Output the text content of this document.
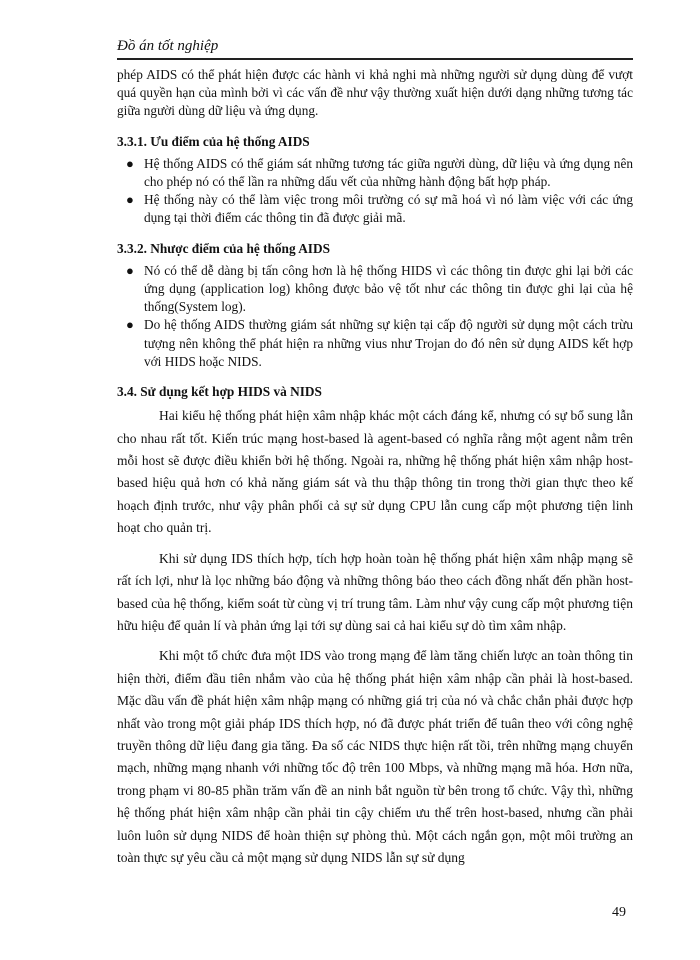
Đồ án tốt nghiệp

phép AIDS có thể phát hiện được các hành vi khả nghi mà những người sử dụng dùng để vượt quá quyền hạn của mình bởi vì các vấn đề như vậy thường xuất hiện dưới dạng những tương tác giữa người dùng dữ liệu và ứng dụng.

3.3.1. Ưu điểm của hệ thống AIDS
● Hệ thống AIDS có thể giám sát những tương tác giữa người dùng, dữ liệu và ứng dụng nên cho phép nó có thể lần ra những dấu vết của những hành động bất hợp pháp.
● Hệ thống này có thể làm việc trong môi trường có sự mã hoá vì nó làm việc với các ứng dụng tại thời điểm các thông tin đã được giải mã.
3.3.2. Nhược điểm của hệ thống AIDS
● Nó có thể dễ dàng bị tấn công hơn là hệ thống HIDS vì các thông tin được ghi lại bởi các ứng dụng (application log) không được bảo vệ tốt như các thông tin được ghi lại của hệ thống(System log).
● Do hệ thống AIDS thường giám sát những sự kiện tại cấp độ người sử dụng một cách trừu tượng nên không thể phát hiện ra những vius như Trojan do đó nên sử dụng AIDS kết hợp với HIDS hoặc NIDS.
3.4. Sử dụng kết hợp HIDS và NIDS

Hai kiểu hệ thống phát hiện xâm nhập khác một cách đáng kể, nhưng có sự bổ sung lẫn cho nhau rất tốt. Kiến trúc mạng host-based là agent-based có nghĩa rằng một agent nằm trên mỗi host sẽ được điều khiển bởi hệ thống. Ngoài ra, những hệ thống phát hiện xâm nhập host-based hiệu quả hơn có khả năng giám sát và thu thập thông tin trong thời gian thực theo kế hoạch định trước, như vậy phân phối cả sự sử dụng CPU lẫn cung cấp một phương tiện linh hoạt cho quản trị.

Khi sử dụng IDS thích hợp, tích hợp hoàn toàn hệ thống phát hiện xâm nhập mạng sẽ rất ích lợi, như là lọc những báo động và những thông báo theo cách đồng nhất đến phần host-based của hệ thống, kiểm soát từ cùng vị trí trung tâm. Làm như vậy cung cấp một phương tiện hữu hiệu để quản lí và phản ứng lại tới sự dùng sai cả hai kiểu sự dò tìm xâm nhập.

Khi một tổ chức đưa một IDS vào trong mạng để làm tăng chiến lược an toàn thông tin hiện thời, điểm đầu tiên nhắm vào của hệ thống phát hiện xâm nhập cần phải là host-based. Mặc dầu vấn đề phát hiện xâm nhập mạng có những giá trị của nó và chắc chắn phải được hợp nhất vào trong một giải pháp IDS thích hợp, nó đã được phát triển để tuân theo với công nghệ truyền thông dữ liệu đang gia tăng. Đa số các NIDS thực hiện rất tồi, trên những mạng chuyển mạch, những mạng nhanh với những tốc độ trên 100 Mbps, và những mạng mã hóa. Hơn nữa, trong phạm vi 80-85 phần trăm vấn đề an ninh bắt nguồn từ bên trong tổ chức. Vậy thì, những hệ thống phát hiện xâm nhập cần phải tin cậy chiếm ưu thế trên host-based, nhưng cần phải luôn luôn sử dụng NIDS để hoàn thiện sự phòng thủ. Một cách ngắn gọn, một môi trường an toàn thực sự yêu cầu cả một mạng sử dụng NIDS lẫn sự sử dụng

49
